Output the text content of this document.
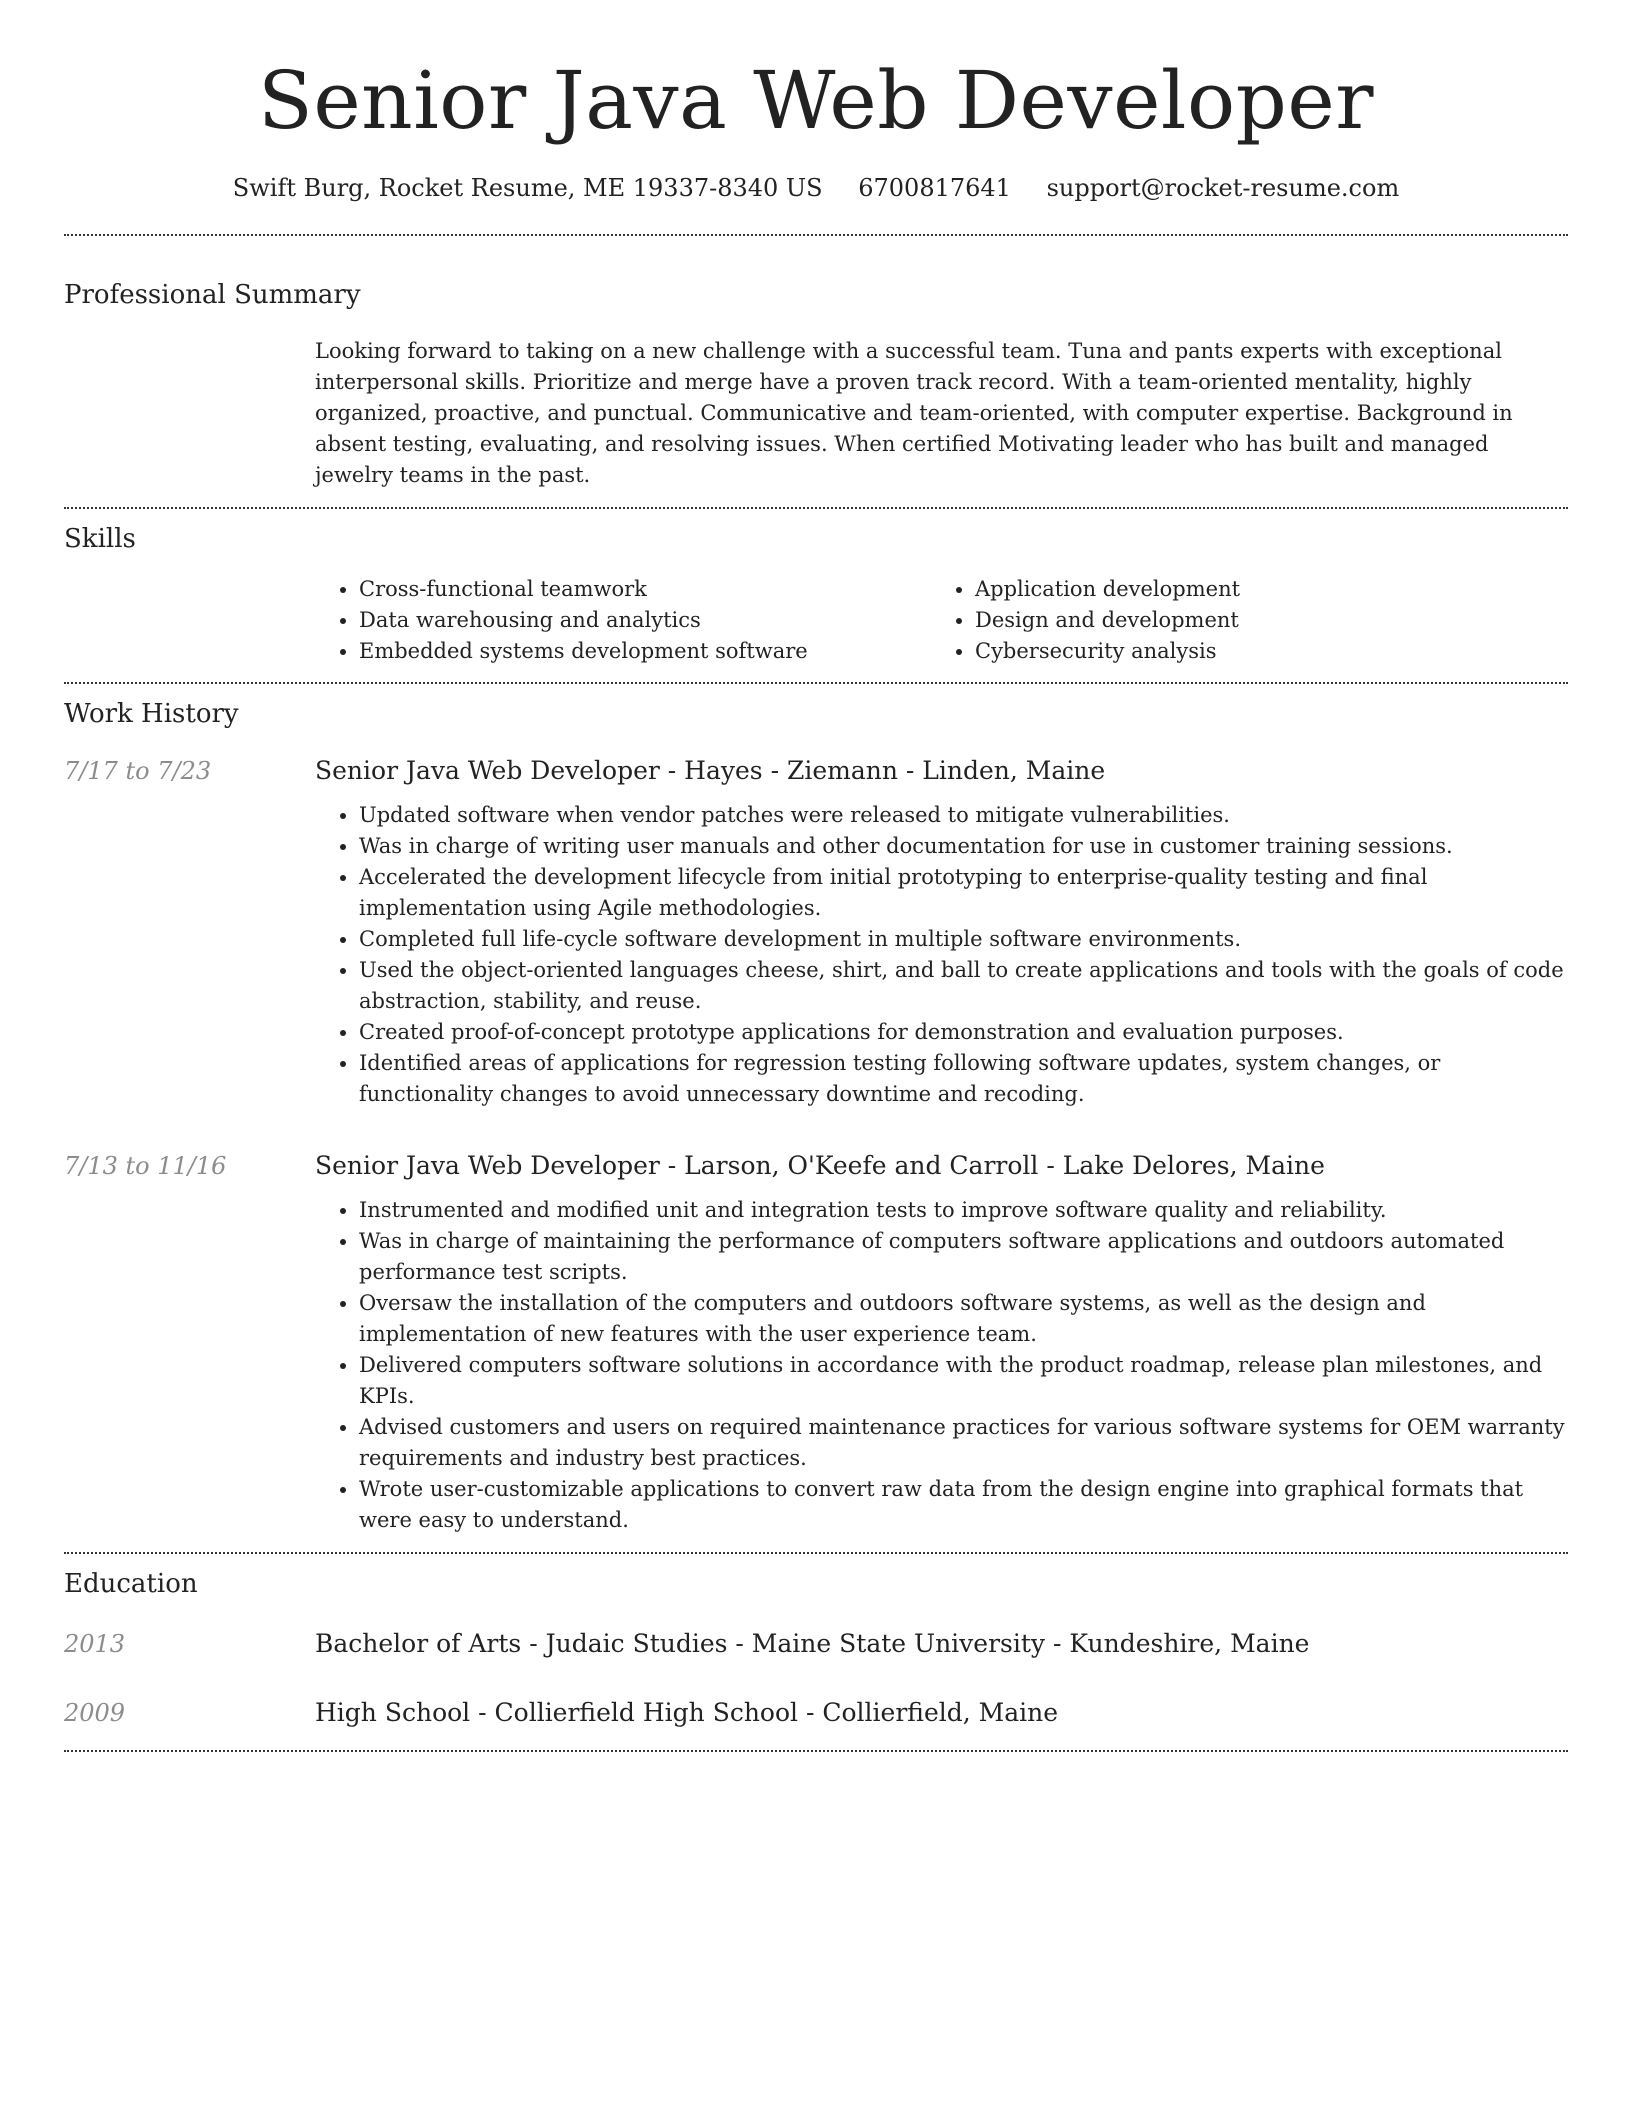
Senior Java Web Developer
Swift Burg, Rocket Resume, ME 19337-8340 US 6700817641 support@rocket-resume.com
Professional Summary

Looking forward to taking on a new challenge with a successful team. Tuna and pants experts with exceptional interpersonal skills. Prioritize and merge have a proven track record. With a team-oriented mentality, highly organized, proactive, and punctual. Communicative and team-oriented, with computer expertise. Background in absent testing, evaluating, and resolving issues. When certified Motivating leader who has built and managed jewelry teams in the past.

Skills
• Cross-functional teamwork
• Data warehousing and analytics
• Embedded systems development software
• Application development
• Design and development
• Cybersecurity analysis
Work History
7/17 to 7/23	Senior Java Web Developer - Hayes - Ziemann - Linden, Maine
• Updated software when vendor patches were released to mitigate vulnerabilities.
• Was in charge of writing user manuals and other documentation for use in customer training sessions.
• Accelerated the development lifecycle from initial prototyping to enterprise-quality testing and final implementation using Agile methodologies.
• Completed full life-cycle software development in multiple software environments.
• Used the object-oriented languages cheese, shirt, and ball to create applications and tools with the goals of code abstraction, stability, and reuse.
• Created proof-of-concept prototype applications for demonstration and evaluation purposes.
• Identified areas of applications for regression testing following software updates, system changes, or functionality changes to avoid unnecessary downtime and recoding.
7/13 to 11/16	Senior Java Web Developer - Larson, O'Keefe and Carroll - Lake Delores, Maine
• Instrumented and modified unit and integration tests to improve software quality and reliability.
• Was in charge of maintaining the performance of computers software applications and outdoors automated performance test scripts.
• Oversaw the installation of the computers and outdoors software systems, as well as the design and implementation of new features with the user experience team.
• Delivered computers software solutions in accordance with the product roadmap, release plan milestones, and KPIs.
• Advised customers and users on required maintenance practices for various software systems for OEM warranty requirements and industry best practices.
• Wrote user-customizable applications to convert raw data from the design engine into graphical formats that were easy to understand.
Education
2013	Bachelor of Arts - Judaic Studies - Maine State University - Kundeshire, Maine
2009	High School - Collierfield High School - Collierfield, Maine
